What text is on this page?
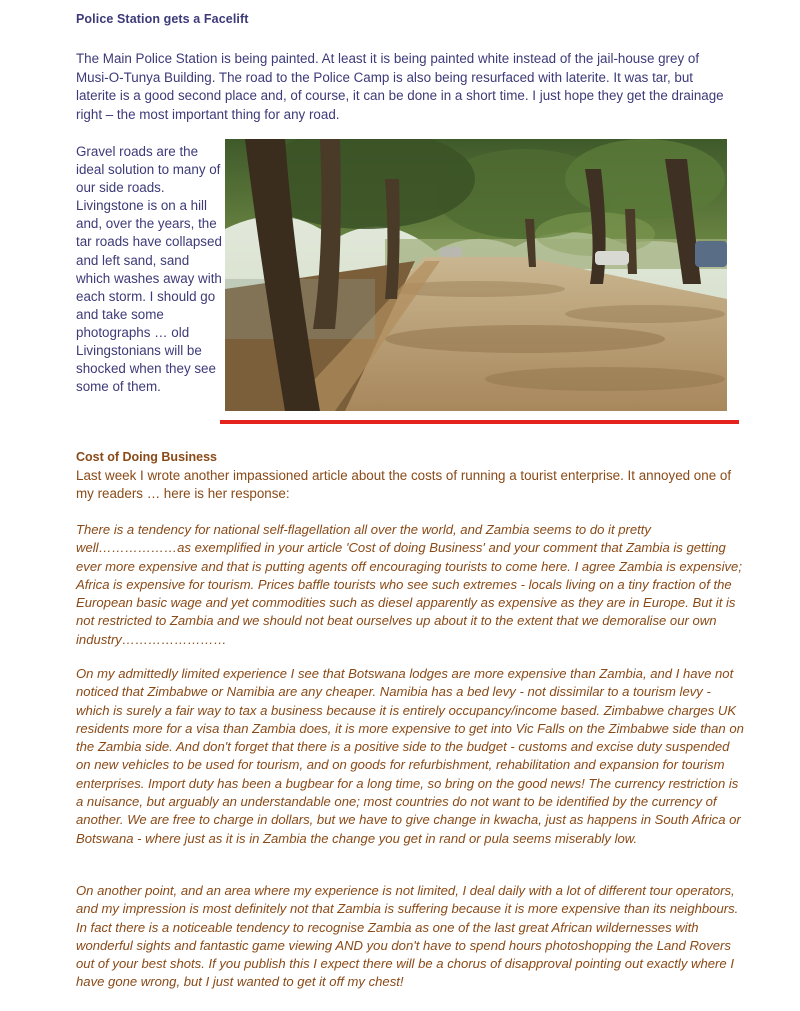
Police Station gets a Facelift

The Main Police Station is being painted. At least it is being painted white instead of the jail-house grey of Musi-O-Tunya Building. The road to the Police Camp is also being resurfaced with laterite. It was tar, but laterite is a good second place and, of course, it can be done in a short time. I just hope they get the drainage right – the most important thing for any road.

Gravel roads are the ideal solution to many of our side roads. Livingstone is on a hill and, over the years, the tar roads have collapsed and left sand, sand which washes away with each storm. I should go and take some photographs … old Livingstonians will be shocked when they see some of them.

Cost of Doing Business

Last week I wrote another impassioned article about the costs of running a tourist enterprise. It annoyed one of my readers … here is her response:

There is a tendency for national self-flagellation all over the world, and Zambia seems to do it pretty well………………as exemplified in your article 'Cost of doing Business' and your comment that Zambia is getting ever more expensive and that is putting agents off encouraging tourists to come here. I agree Zambia is expensive; Africa is expensive for tourism. Prices baffle tourists who see such extremes - locals living on a tiny fraction of the European basic wage and yet commodities such as diesel apparently as expensive as they are in Europe. But it is not restricted to Zambia and we should not beat ourselves up about it to the extent that we demoralise our own industry……………………

On my admittedly limited experience I see that Botswana lodges are more expensive than Zambia, and I have not noticed that Zimbabwe or Namibia are any cheaper. Namibia has a bed levy - not dissimilar to a tourism levy - which is surely a fair way to tax a business because it is entirely occupancy/income based. Zimbabwe charges UK residents more for a visa than Zambia does, it is more expensive to get into Vic Falls on the Zimbabwe side than on the Zambia side. And don't forget that there is a positive side to the budget - customs and excise duty suspended on new vehicles to be used for tourism, and on goods for refurbishment, rehabilitation and expansion for tourism enterprises. Import duty has been a bugbear for a long time, so bring on the good news! The currency restriction is a nuisance, but arguably an understandable one; most countries do not want to be identified by the currency of another. We are free to charge in dollars, but we have to give change in kwacha, just as happens in South Africa or Botswana - where just as it is in Zambia the change you get in rand or pula seems miserably low.

On another point, and an area where my experience is not limited, I deal daily with a lot of different tour operators, and my impression is most definitely not that Zambia is suffering because it is more expensive than its neighbours. In fact there is a noticeable tendency to recognise Zambia as one of the last great African wildernesses with wonderful sights and fantastic game viewing AND you don't have to spend hours photoshopping the Land Rovers out of your best shots. If you publish this I expect there will be a chorus of disapproval pointing out exactly where I have gone wrong, but I just wanted to get it off my chest!
